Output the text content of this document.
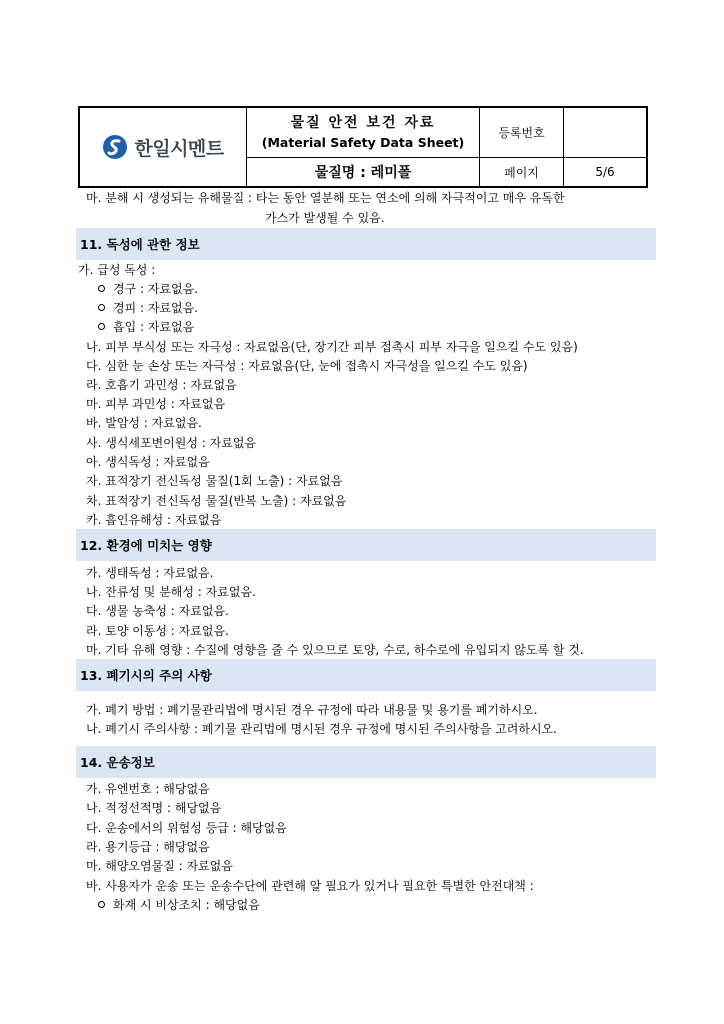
한일시멘트
물질 안전 보건 자료
(Material Safety Data Sheet)
물질명 : 레미폴
등록번호
페이지	5/6
마. 분해 시 생성되는 유해물질 : 타는 동안 열분해 또는 연소에 의해 자극적이고 매우 유독한
가스가 발생될 수 있음.
11. 독성에 관한 정보
가. 급성 독성 :
경구 : 자료없음.
경피 : 자료없음.
흡입 : 자료없음
나. 피부 부식성 또는 자극성 : 자료없음(단, 장기간 피부 접촉시 피부 자극을 일으킬 수도 있음)
다. 심한 눈 손상 또는 자극성 : 자료없음(단, 눈에 접촉시 자극성을 일으킬 수도 있음)
라. 호흡기 과민성 : 자료없음
마. 피부 과민성 : 자료없음
바. 발암성 : 자료없음.
사. 생식세포변이원성 : 자료없음
아. 생식독성 : 자료없음
자. 표적장기 전신독성 물질(1회 노출) : 자료없음
차. 표적장기 전신독성 물질(반복 노출) : 자료없음
카. 흡인유해성 : 자료없음
12. 환경에 미치는 영향
가. 생태독성 : 자료없음.
나. 잔류성 및 분해성 : 자료없음.
다. 생물 농축성 : 자료없음.
라. 토양 이동성 : 자료없음.
마. 기타 유해 영향 : 수질에 영향을 줄 수 있으므로 토양, 수로, 하수로에 유입되지 않도록 할 것.
13. 폐기시의 주의 사항
가. 폐기 방법 : 폐기물관리법에 명시된 경우 규정에 따라 내용물 및 용기를 폐기하시오.
나. 폐기시 주의사항 : 폐기물 관리법에 명시된 경우 규정에 명시된 주의사항을 고려하시오.
14. 운송정보
가. 유엔번호 : 해당없음
나. 적정선적명 : 해당없음
다. 운송에서의 위험성 등급 : 해당없음
라. 용기등급 : 해당없음
마. 해양오염물질 : 자료없음
바. 사용자가 운송 또는 운송수단에 관련해 알 필요가 있거나 필요한 특별한 안전대책 :
화재 시 비상조치 : 해당없음
